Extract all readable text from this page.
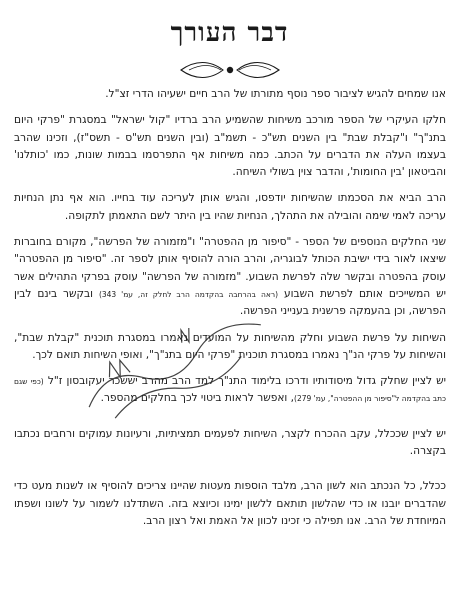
דבר העורך

אנו שמחים להגיש לציבור ספר נוסף מתורתו של הרב חיים ישעיהו הדרי זצ"ל.

חלקו העיקרי של הספר מורכב משיחות שהשמיע הרב ברדיו "קול ישראל" במסגרת "פרקי היום בתנ"ך" ו"קבלת שבת" בין השנים תש"כ - תשמ"ב (ובין השנים תש"ס - תשס"ז), וזכינו שהרב בעצמו העלה את הדברים על הכתב. כמה משיחות אף התפרסמו בבמות שונות, כמו 'כותלנו' והביטאון 'בין החומות', והדבר צוין בשולי השיחה.

הרב הביא את הסכמתו שהשיחות יודפסו, והגיש אותן לעריכה עוד בחייו. הוא אף נתן הנחיות עריכה לאמי שימה והובילה את התהלך, הנחיות שהיו בין היתר לשם התאמתן לתקופה.

שני החלקים הנוספים של הספר - "סיפור מן ההפטרה" ו"מזמורה של הפרשה", מקורם בחוברות שיצאו לאור בידי ישיבת הכותל לבוגריה, והרב הורה להוסיף אותן לספר זה. "סיפור מן ההפטרה" עוסק בהפטרה ובקשר שלה לפרשת השבוע. "מזמורה של הפרשה" עוסק בפרקי התהילים אשר יש המשייכים אותם לפרשת השבוע (ראה בהרחבה בהקדמה הרב לחלק זה, עמ' 343) ובקשר בינם לבין הפרשה, וכן בהעמקה פרשנית בענייני הפרשה.

השיחות על פרשת השבוע וחלק מהשיחות על המועדים נאמרו במסגרת תוכנית "קבלת שבת", והשיחות על פרקי הנ"ך נאמרו במסגרת תוכנית "פרקי היום בתנ"ך", ואופי השיחות תואם לכך.

יש לציין שחלק גדול מיסודותיו ודרכו בלימוד התנ"ך למד הרב מהרב יששכר יעקובסון ז"ל (כפי שגם כתב בהקדמה ל"סיפור מן ההפטרה", עמ' 279), ואפשר לראות ביטוי לכך בחלקים מהספר.

יש לציין שככלל, עקב ההכרח לקצר, השיחות לפעמים תמציתיות, ורעיונות עמוקים ורחבים נכתבו בקצרה.

ככלל, כל הנכתב הוא לשון הרב, מלבד הוספות מעטות שהיינו צריכים להוסיף או לשנות מעט כדי שהדברים יובנו או כדי שהלשון תותאם ללשון ימינו וכיוצא בזה. השתדלנו לשמור על לשונו ושפתו המיוחדת של הרב. אנו תפילה כי זכינו לכוון אל האמת ואל רצון הרב.
